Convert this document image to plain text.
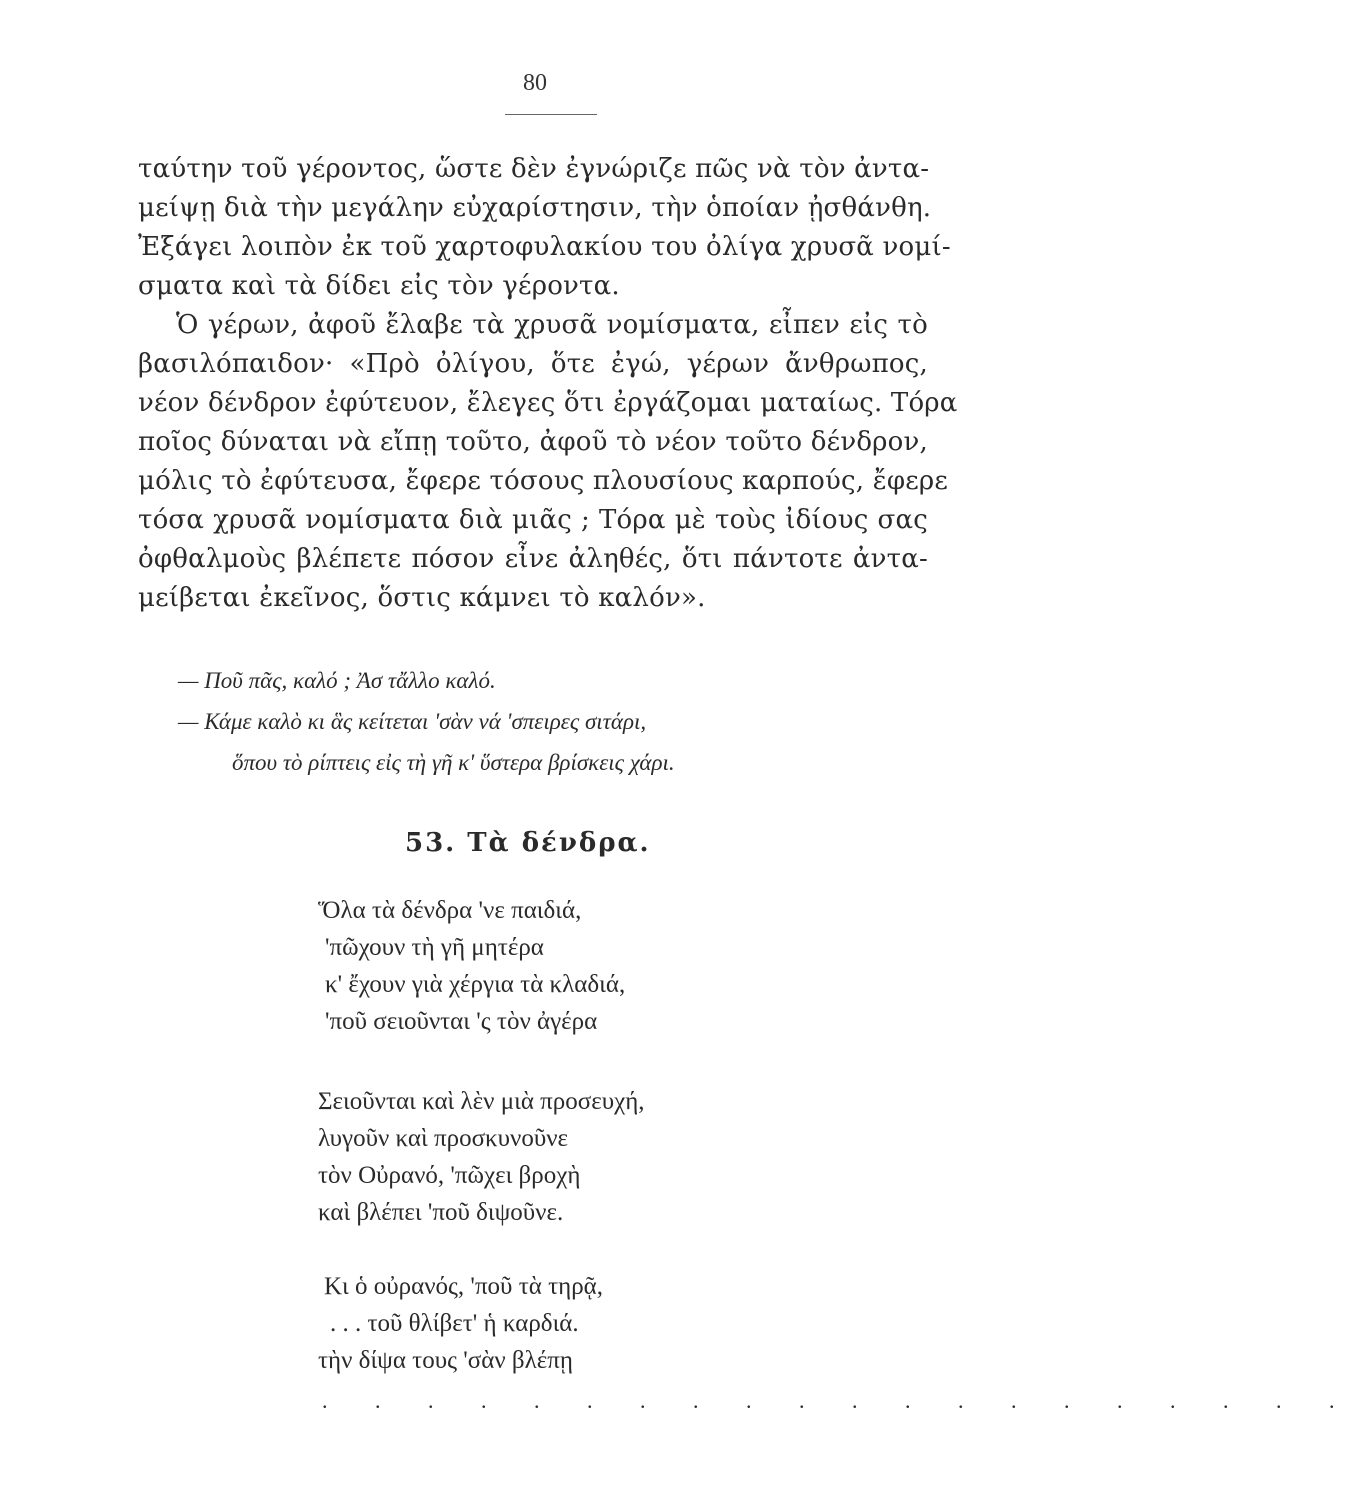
80
ταύτην τοῦ γέροντος, ὥστε δὲν ἐγνώριζε πῶς νὰ τὸν ἀντα-
μείψῃ διὰ τὴν μεγάλην εὐχαρίστησιν, τὴν ὁποίαν ᾐσθάνθη.
Ἐξάγει λοιπὸν ἐκ τοῦ χαρτοφυλακίου του ὀλίγα χρυσᾶ νομί-
σματα καὶ τὰ δίδει εἰς τὸν γέροντα.
Ὁ γέρων, ἀφοῦ ἔλαβε τὰ χρυσᾶ νομίσματα, εἶπεν εἰς τὸ
βασιλόπαιδον· «Πρὸ ὀλίγου, ὅτε ἐγώ, γέρων ἄνθρωπος,
νέον δένδρον ἐφύτευον, ἔλεγες ὅτι ἐργάζομαι ματαίως. Τόρα
ποῖος δύναται νὰ εἴπῃ τοῦτο, ἀφοῦ τὸ νέον τοῦτο δένδρον,
μόλις τὸ ἐφύτευσα, ἔφερε τόσους πλουσίους καρπούς, ἔφερε
τόσα χρυσᾶ νομίσματα διὰ μιᾶς ; Τόρα μὲ τοὺς ἰδίους σας
ὀφθαλμοὺς βλέπετε πόσον εἶνε ἀληθές, ὅτι πάντοτε ἀντα-
μείβεται ἐκεῖνος, ὅστις κάμνει τὸ καλόν».
— Ποῦ πᾶς, καλό ; Ἀσ τἄλλο καλό.
— Κάμε καλὸ κι ἃς κείτεται 'σὰν νά 'σπειρες σιτάρι,
ὅπου τὸ ρίπτεις εἰς τὴ γῆ κ' ὕστερα βρίσκεις χάρι.
53. Τὰ δένδρα.
Ὅλα τὰ δένδρα 'νε παιδιά,
'πῶχουν τὴ γῆ μητέρα
κ' ἔχουν γιὰ χέργια τὰ κλαδιά,
'ποῦ σειοῦνται 'ς τὸν ἀγέρα
Σειοῦνται καὶ λὲν μιὰ προσευχή,
λυγοῦν καὶ προσκυνοῦνε
τὸν Οὐρανό, 'πῶχει βροχὴ
καὶ βλέπει 'ποῦ διψοῦνε.
Κι ὁ οὐρανός, 'ποῦ τὰ τηρᾷ,
. . . τοῦ θλίβετ' ἡ καρδιά.
τὴν δίψα τους 'σὰν βλέπῃ
. . . . . . . . . . . . . . . . . . . .
